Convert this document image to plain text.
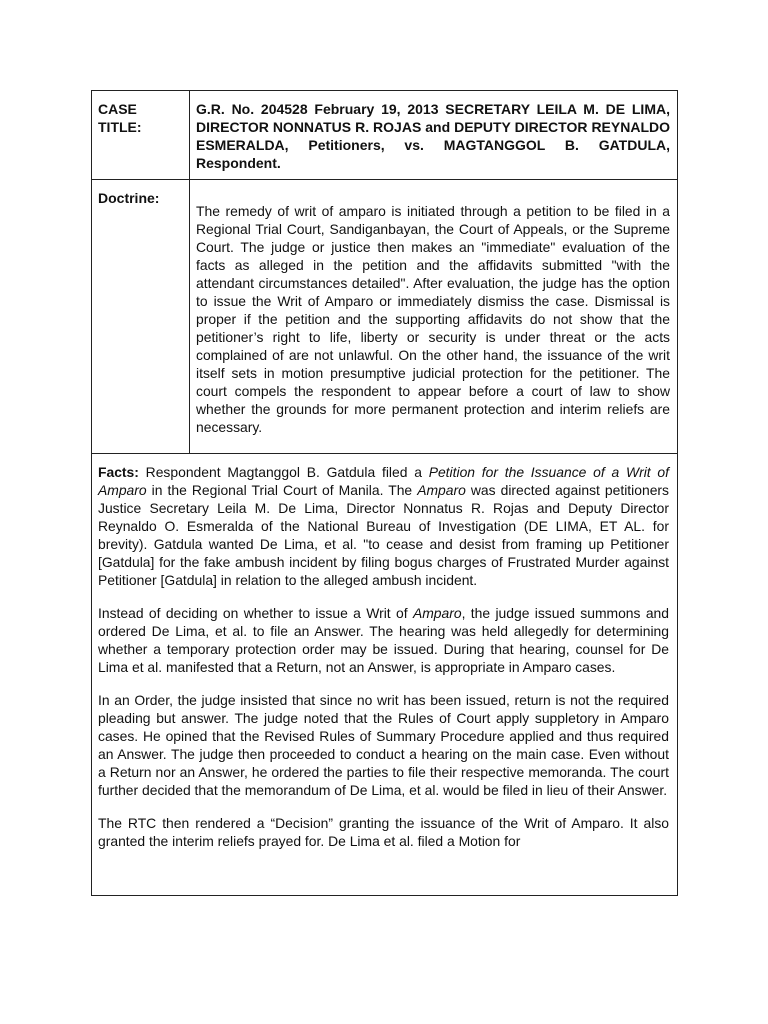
CASE
TITLE:
G.R. No. 204528 February 19, 2013 SECRETARY LEILA M. DE LIMA, DIRECTOR NONNATUS R. ROJAS and DEPUTY DIRECTOR REYNALDO ESMERALDA, Petitioners, vs. MAGTANGGOL B. GATDULA, Respondent.
Doctrine:
The remedy of writ of amparo is initiated through a petition to be filed in a Regional Trial Court, Sandiganbayan, the Court of Appeals, or the Supreme Court. The judge or justice then makes an "immediate" evaluation of the facts as alleged in the petition and the affidavits submitted "with the attendant circumstances detailed". After evaluation, the judge has the option to issue the Writ of Amparo or immediately dismiss the case. Dismissal is proper if the petition and the supporting affidavits do not show that the petitioner’s right to life, liberty or security is under threat or the acts complained of are not unlawful. On the other hand, the issuance of the writ itself sets in motion presumptive judicial protection for the petitioner. The court compels the respondent to appear before a court of law to show whether the grounds for more permanent protection and interim reliefs are necessary.

Facts: Respondent Magtanggol B. Gatdula filed a Petition for the Issuance of a Writ of Amparo in the Regional Trial Court of Manila. The Amparo was directed against petitioners Justice Secretary Leila M. De Lima, Director Nonnatus R. Rojas and Deputy Director Reynaldo O. Esmeralda of the National Bureau of Investigation (DE LIMA, ET AL. for brevity). Gatdula wanted De Lima, et al. "to cease and desist from framing up Petitioner [Gatdula] for the fake ambush incident by filing bogus charges of Frustrated Murder against Petitioner [Gatdula] in relation to the alleged ambush incident.

Instead of deciding on whether to issue a Writ of Amparo, the judge issued summons and ordered De Lima, et al. to file an Answer. The hearing was held allegedly for determining whether a temporary protection order may be issued. During that hearing, counsel for De Lima et al. manifested that a Return, not an Answer, is appropriate in Amparo cases.

In an Order, the judge insisted that since no writ has been issued, return is not the required pleading but answer. The judge noted that the Rules of Court apply suppletory in Amparo cases. He opined that the Revised Rules of Summary Procedure applied and thus required an Answer. The judge then proceeded to conduct a hearing on the main case. Even without a Return nor an Answer, he ordered the parties to file their respective memoranda. The court further decided that the memorandum of De Lima, et al. would be filed in lieu of their Answer.

The RTC then rendered a “Decision” granting the issuance of the Writ of Amparo. It also granted the interim reliefs prayed for. De Lima et al. filed a Motion for
